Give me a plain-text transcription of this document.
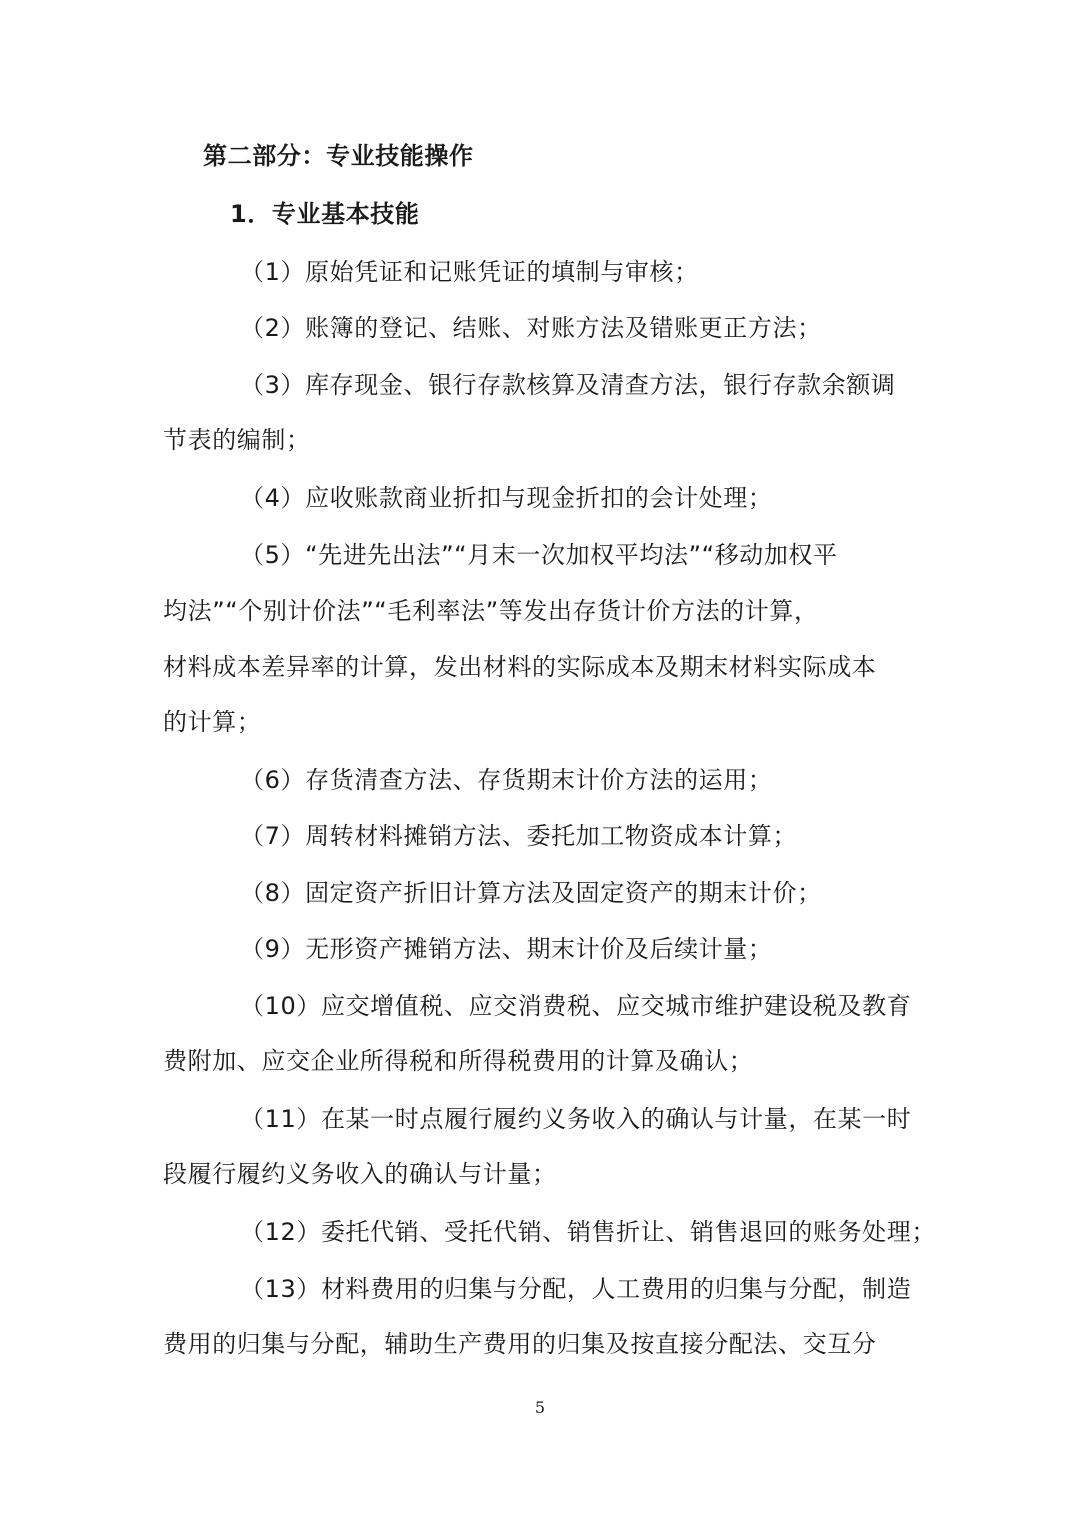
第二部分：专业技能操作
1．专业基本技能
（1）原始凭证和记账凭证的填制与审核；
（2）账簿的登记、结账、对账方法及错账更正方法；
（3）库存现金、银行存款核算及清查方法，银行存款余额调
节表的编制；
（4）应收账款商业折扣与现金折扣的会计处理；
（5）“先进先出法”“月末一次加权平均法”“移动加权平
均法”“个别计价法”“毛利率法”等发出存货计价方法的计算，
材料成本差异率的计算，发出材料的实际成本及期末材料实际成本
的计算；
（6）存货清查方法、存货期末计价方法的运用；
（7）周转材料摊销方法、委托加工物资成本计算；
（8）固定资产折旧计算方法及固定资产的期末计价；
（9）无形资产摊销方法、期末计价及后续计量；
（10）应交增值税、应交消费税、应交城市维护建设税及教育
费附加、应交企业所得税和所得税费用的计算及确认；
（11）在某一时点履行履约义务收入的确认与计量，在某一时
段履行履约义务收入的确认与计量；
（12）委托代销、受托代销、销售折让、销售退回的账务处理；
（13）材料费用的归集与分配，人工费用的归集与分配，制造
费用的归集与分配，辅助生产费用的归集及按直接分配法、交互分
5
